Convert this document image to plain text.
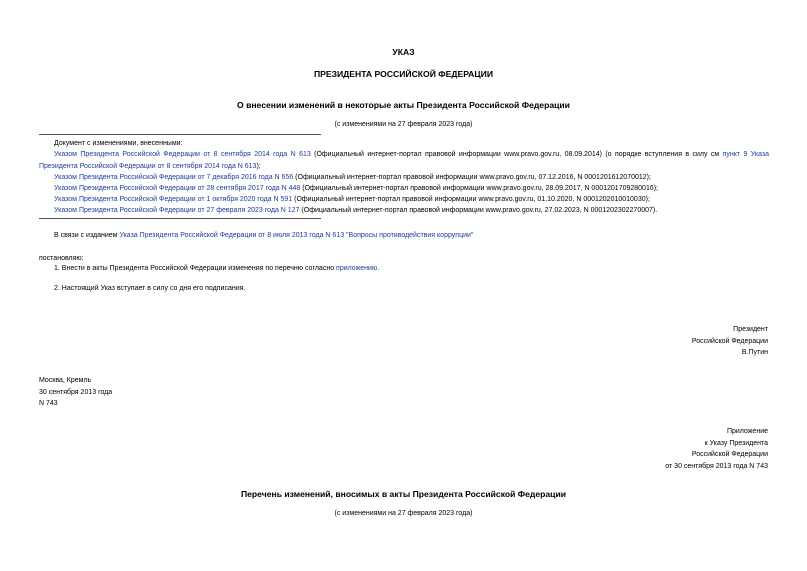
УКАЗ
ПРЕЗИДЕНТА РОССИЙСКОЙ ФЕДЕРАЦИИ
О внесении изменений в некоторые акты Президента Российской Федерации
(с изменениями на 27 февраля 2023 года)
Документ с изменениями, внесенными:
Указом Президента Российской Федерации от 8 сентября 2014 года N 613 (Официальный интернет-портал правовой информации www.pravo.gov.ru, 08.09.2014) (о порядке вступления в силу см пункт 9 Указа Президента Российской Федерации от 8 сентября 2014 года N 613);
Указом Президента Российской Федерации от 7 декабря 2016 года N 656 (Официальный интернет-портал правовой информации www.pravo.gov.ru, 07.12.2016, N 0001201612070012);
Указом Президента Российской Федерации от 28 сентября 2017 года N 448 (Официальный интернет-портал правовой информации www.pravo.gov.ru, 28.09.2017, N 0001201709280016);
Указом Президента Российской Федерации от 1 октября 2020 года N 591 (Официальный интернет-портал правовой информации www.pravo.gov.ru, 01.10.2020, N 0001202010010030);
Указом Президента Российской Федерации от 27 февраля 2023 года N 127 (Официальный интернет-портал правовой информации www.pravo.gov.ru, 27.02.2023, N 0001202302270007).
В связи с изданием Указа Президента Российской Федерации от 8 июля 2013 года N 613 "Вопросы противодействия коррупции"
постановляю:
1. Внести в акты Президента Российской Федерации изменения по перечню согласно приложению.
2. Настоящий Указ вступает в силу со дня его подписания.
Президент
Российской Федерации
В.Путин
Москва, Кремль
30 сентября 2013 года
N 743
Приложение
к Указу Президента
Российской Федерации
от 30 сентября 2013 года N 743
Перечень изменений, вносимых в акты Президента Российской Федерации
(с изменениями на 27 февраля 2023 года)
